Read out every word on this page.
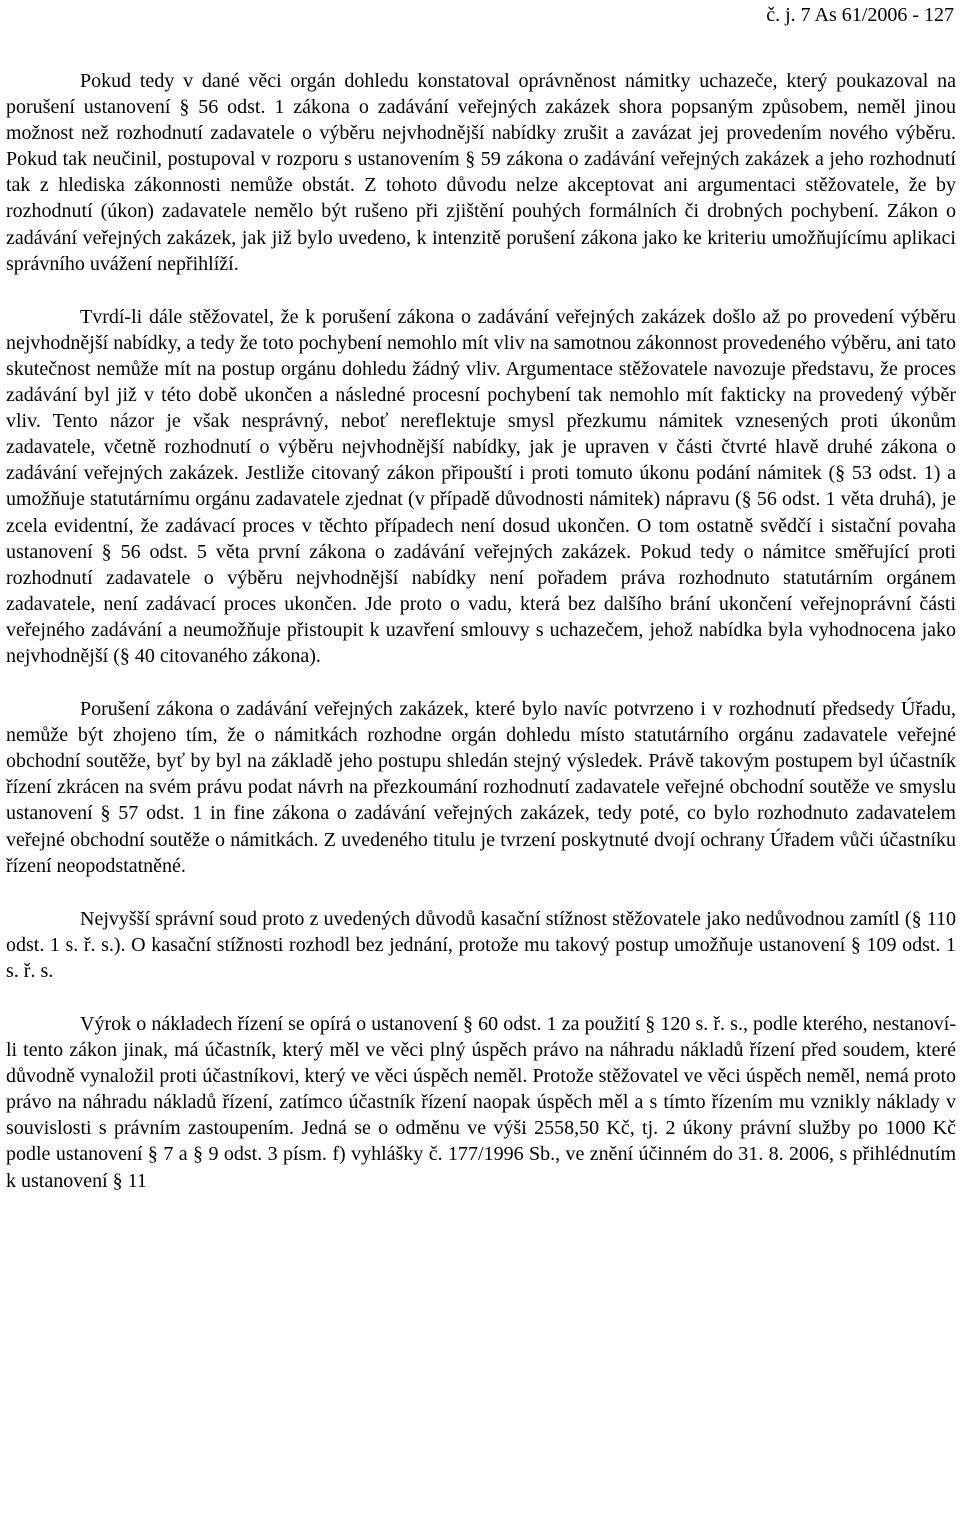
č. j. 7 As 61/2006 - 127

Pokud tedy v dané věci orgán dohledu konstatoval oprávněnost námitky uchazeče, který poukazoval na porušení ustanovení § 56 odst. 1 zákona o zadávání veřejných zakázek shora popsaným způsobem, neměl jinou možnost než rozhodnutí zadavatele o výběru nejvhodnější nabídky zrušit a zavázat jej provedením nového výběru. Pokud tak neučinil, postupoval v rozporu s ustanovením § 59 zákona o zadávání veřejných zakázek a jeho rozhodnutí tak z hlediska zákonnosti nemůže obstát. Z tohoto důvodu nelze akceptovat ani argumentaci stěžovatele, že by rozhodnutí (úkon) zadavatele nemělo být rušeno při zjištění pouhých formálních či drobných pochybení. Zákon o zadávání veřejných zakázek, jak již bylo uvedeno, k intenzitě porušení zákona jako ke kriteriu umožňujícímu aplikaci správního uvážení nepřihlíží.

Tvrdí-li dále stěžovatel, že k porušení zákona o zadávání veřejných zakázek došlo až po provedení výběru nejvhodnější nabídky, a tedy že toto pochybení nemohlo mít vliv na samotnou zákonnost provedeného výběru, ani tato skutečnost nemůže mít na postup orgánu dohledu žádný vliv. Argumentace stěžovatele navozuje představu, že proces zadávání byl již v této době ukončen a následné procesní pochybení tak nemohlo mít fakticky na provedený výběr vliv. Tento názor je však nesprávný, neboť nereflektuje smysl přezkumu námitek vznesených proti úkonům zadavatele, včetně rozhodnutí o výběru nejvhodnější nabídky, jak je upraven v části čtvrté hlavě druhé zákona o zadávání veřejných zakázek. Jestliže citovaný zákon připouští i proti tomuto úkonu podání námitek (§ 53 odst. 1) a umožňuje statutárnímu orgánu zadavatele zjednat (v případě důvodnosti námitek) nápravu (§ 56 odst. 1 věta druhá), je zcela evidentní, že zadávací proces v těchto případech není dosud ukončen. O tom ostatně svědčí i sistační povaha ustanovení § 56 odst. 5 věta první zákona o zadávání veřejných zakázek. Pokud tedy o námitce směřující proti rozhodnutí zadavatele o výběru nejvhodnější nabídky není pořadem práva rozhodnuto statutárním orgánem zadavatele, není zadávací proces ukončen. Jde proto o vadu, která bez dalšího brání ukončení veřejnoprávní části veřejného zadávání a neumožňuje přistoupit k uzavření smlouvy s uchazečem, jehož nabídka byla vyhodnocena jako nejvhodnější (§ 40 citovaného zákona).

Porušení zákona o zadávání veřejných zakázek, které bylo navíc potvrzeno i v rozhodnutí předsedy Úřadu, nemůže být zhojeno tím, že o námitkách rozhodne orgán dohledu místo statutárního orgánu zadavatele veřejné obchodní soutěže, byť by byl na základě jeho postupu shledán stejný výsledek. Právě takovým postupem byl účastník řízení zkrácen na svém právu podat návrh na přezkoumání rozhodnutí zadavatele veřejné obchodní soutěže ve smyslu ustanovení § 57 odst. 1 in fine zákona o zadávání veřejných zakázek, tedy poté, co bylo rozhodnuto zadavatelem veřejné obchodní soutěže o námitkách. Z uvedeného titulu je tvrzení poskytnuté dvojí ochrany Úřadem vůči účastníku řízení neopodstatněné.

Nejvyšší správní soud proto z uvedených důvodů kasační stížnost stěžovatele jako nedůvodnou zamítl (§ 110 odst. 1 s. ř. s.). O kasační stížnosti rozhodl bez jednání, protože mu takový postup umožňuje ustanovení § 109 odst. 1 s. ř. s.

Výrok o nákladech řízení se opírá o ustanovení § 60 odst. 1 za použití § 120 s. ř. s., podle kterého, nestanoví-li tento zákon jinak, má účastník, který měl ve věci plný úspěch právo na náhradu nákladů řízení před soudem, které důvodně vynaložil proti účastníkovi, který ve věci úspěch neměl. Protože stěžovatel ve věci úspěch neměl, nemá proto právo na náhradu nákladů řízení, zatímco účastník řízení naopak úspěch měl a s tímto řízením mu vznikly náklady v souvislosti s právním zastoupením. Jedná se o odměnu ve výši 2558,50 Kč, tj. 2 úkony právní služby po 1000 Kč podle ustanovení § 7 a § 9 odst. 3 písm. f) vyhlášky č. 177/1996 Sb., ve znění účinném do 31. 8. 2006, s přihlédnutím k ustanovení § 11
